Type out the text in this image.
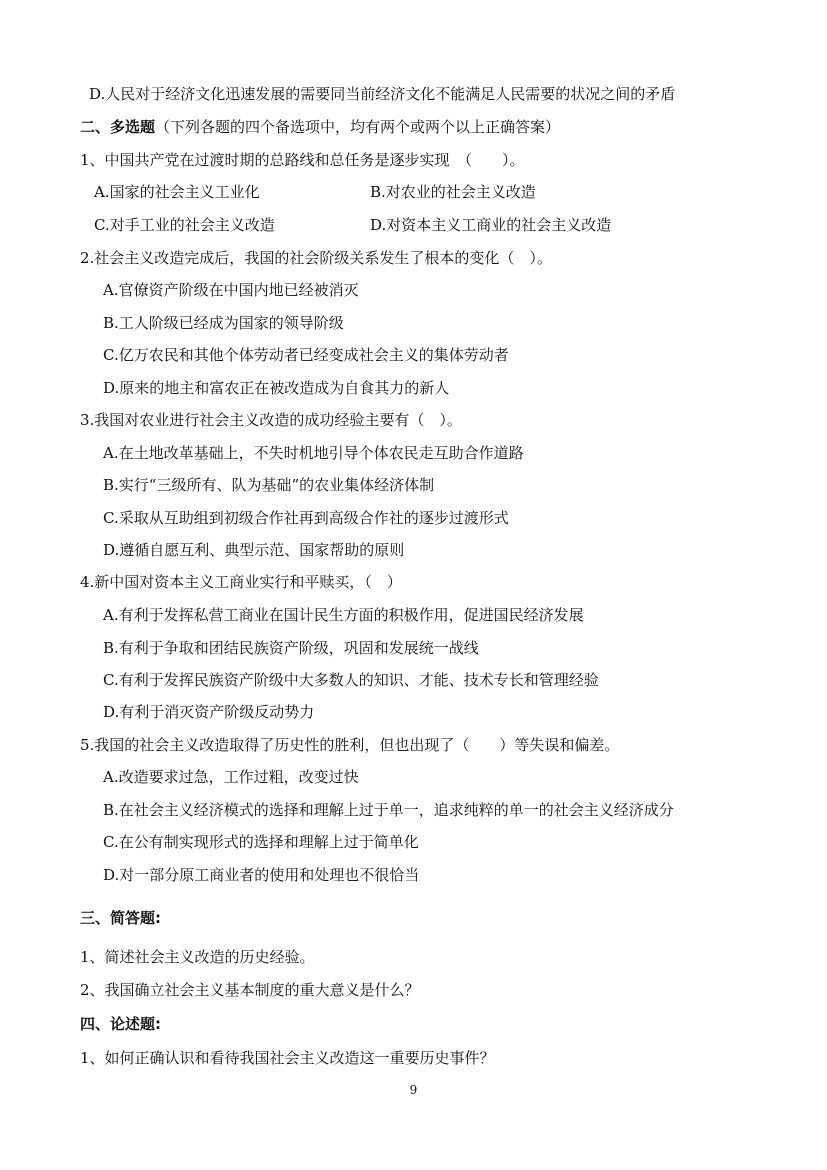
D.人民对于经济文化迅速发展的需要同当前经济文化不能满足人民需要的状况之间的矛盾
二、多选题（下列各题的四个备选项中，均有两个或两个以上正确答案）
1、中国共产党在过渡时期的总路线和总任务是逐步实现　（　　）。
A.国家的社会主义工业化	B.对农业的社会主义改造
C.对手工业的社会主义改造	D.对资本主义工商业的社会主义改造
2.社会主义改造完成后，我国的社会阶级关系发生了根本的变化（　）。
A.官僚资产阶级在中国内地已经被消灭
B.工人阶级已经成为国家的领导阶级
C.亿万农民和其他个体劳动者已经变成社会主义的集体劳动者
D.原来的地主和富农正在被改造成为自食其力的新人
3.我国对农业进行社会主义改造的成功经验主要有（　）。
A.在土地改革基础上，不失时机地引导个体农民走互助合作道路
B.实行“三级所有、队为基础”的农业集体经济体制
C.采取从互助组到初级合作社再到高级合作社的逐步过渡形式
D.遵循自愿互利、典型示范、国家帮助的原则
4.新中国对资本主义工商业实行和平赎买，（　）
A.有利于发挥私营工商业在国计民生方面的积极作用，促进国民经济发展
B.有利于争取和团结民族资产阶级，巩固和发展统一战线
C.有利于发挥民族资产阶级中大多数人的知识、才能、技术专长和管理经验
D.有利于消灭资产阶级反动势力
5.我国的社会主义改造取得了历史性的胜利，但也出现了（　　）等失误和偏差。
A.改造要求过急，工作过粗，改变过快
B.在社会主义经济模式的选择和理解上过于单一，追求纯粹的单一的社会主义经济成分
C.在公有制实现形式的选择和理解上过于简单化
D.对一部分原工商业者的使用和处理也不很恰当
三、简答题:
1、简述社会主义改造的历史经验。
2、我国确立社会主义基本制度的重大意义是什么？
四、论述题:
1、如何正确认识和看待我国社会主义改造这一重要历史事件？
9
